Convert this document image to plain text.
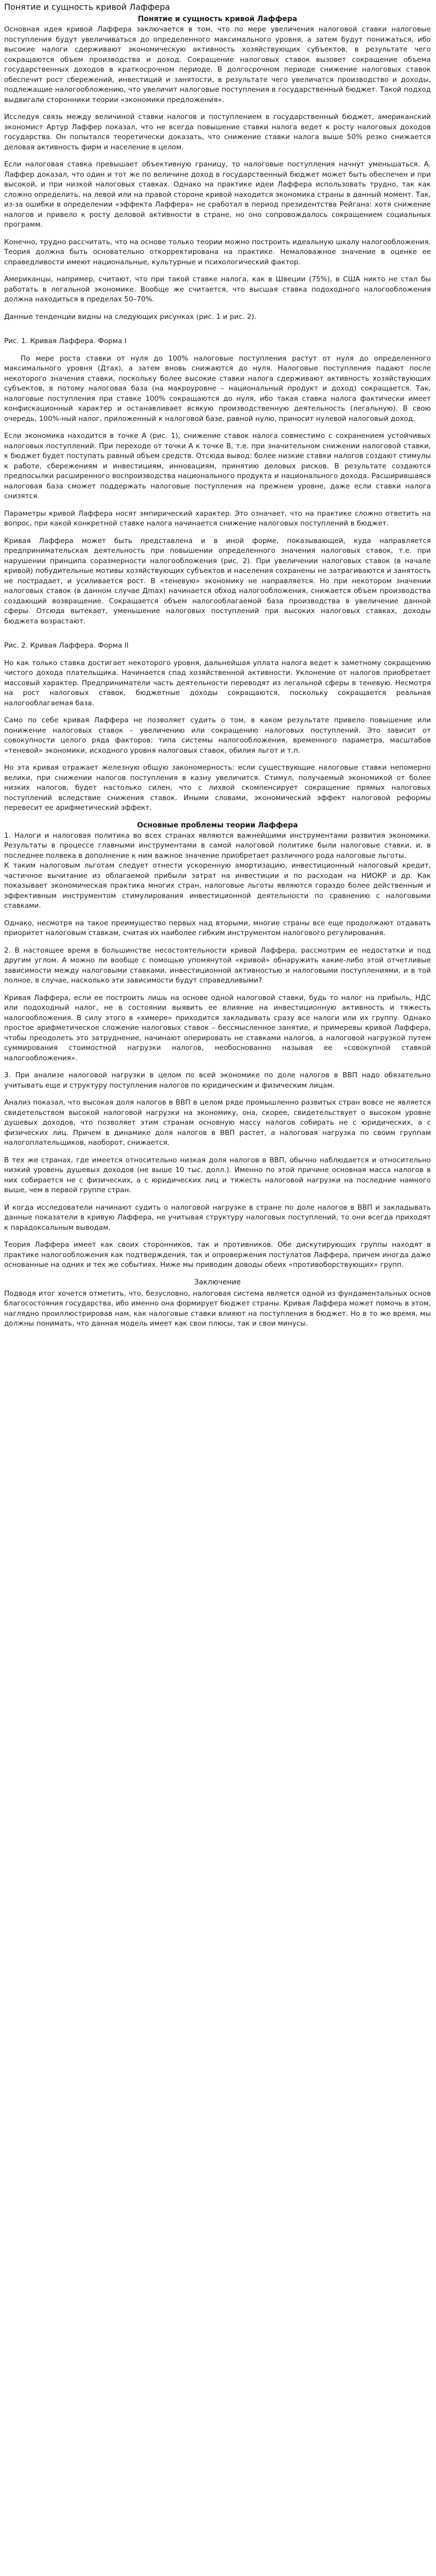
Понятие и сущность кривой Лаффера
Понятие и сущность кривой Лаффера

Основная идея кривой Лаффера заключается в том, что по мере увеличения налоговой ставки налоговые поступления будут увеличиваться до определенного максимального уровня, а затем будут понижаться, ибо высокие налоги сдерживают экономическую активность хозяйствующих субъектов, в результате чего сокращаются объем производства и доход. Сокращение налоговых ставок вызовет сокращение объема государственных доходов в краткосрочном периоде. В долгосрочном периоде снижение налоговых ставок обеспечит рост сбережений, инвестиций и занятости, в результате чего увеличатся производство и доходы, подлежащие налогообложению, что увеличит налоговые поступления в государственный бюджет. Такой подход выдвигали сторонники теории «экономики предложения».

Исследуя связь между величиной ставки налогов и поступлением в государственный бюджет, американский экономист Артур Лаффер показал, что не всегда повышение ставки налога ведет к росту налоговых доходов государства. Он попытался теоретически доказать, что снижение ставки налога выше 50% резко снижается деловая активность фирм и население в целом.

Если налоговая ставка превышает объективную границу, то налоговые поступления начнут уменьшаться. А. Лаффер доказал, что один и тот же по величине доход в государственный бюджет может быть обеспечен и при высокой, и при низкой налоговых ставках. Однако на практике идеи Лаффера использовать трудно, так как сложно определить, на левой или на правой стороне кривой находится экономика страны в данный момент. Так, из-за ошибки в определении «эффекта Лаффера» не сработал в период президентства Рейгана: хотя снижение налогов и привело к росту деловой активности в стране, но оно сопровождалось сокращением социальных программ.

Конечно, трудно рассчитать, что на основе только теории можно построить идеальную шкалу налогообложения. Теория должна быть основательно откорректирована на практике. Немаловажное значение в оценке ее справедливости имеют национальные, культурные и психологический фактор.

Американцы, например, считают, что при такой ставке налога, как в Швеции (75%), в США никто не стал бы работать в легальной экономике. Вообще же считается, что высшая ставка подоходного налогообложения должна находиться в пределах 50–70%.

Данные тенденции видны на следующих рисунках (рис. 1 и рис. 2).

Рис. 1. Кривая Лаффера. Форма I

По мере роста ставки от нуля до 100% налоговые поступления растут от нуля до определенного максимального уровня (Дтах), а затем вновь снижаются до нуля. Налоговые поступления падают после некоторого значения ставки, поскольку более высокие ставки налога сдерживают активность хозяйствующих субъектов, в потому налоговая база (на макроуровне – национальный продукт и доход) сокращается. Так, налоговые поступления при ставке 100% сокращаются до нуля, ибо такая ставка налога фактически имеет конфискационный характер и останавливает всякую производственную деятельность (легальную). В свою очередь, 100%-ный налог, приложенный к налоговой базе, равной нулю, приносит нулевой налоговый доход.

Если экономика находится в точке А (рис. 1), снижение ставок налога совместимо с сохранением устойчивых налоговых поступлений. При переходе от точки А к точке В, т.е. при значительном снижении налоговой ставки, к бюджет будет поступать равный объем средств. Отсюда вывод: более низкие ставки налогов создают стимулы к работе, сбережениям и инвестициям, инновациям, принятию деловых рисков. В результате создаются предпосылки расширенного воспроизводства национального продукта и национального дохода. Расширившаяся налоговая база сможет поддержать налоговые поступления на прежнем уровне, даже если ставки налога снизятся.

Параметры кривой Лаффера носят эмпирический характер. Это означает, что на практике сложно ответить на вопрос, при какой конкретной ставке налога начинается снижение налоговых поступлений в бюджет.

Кривая Лаффера может быть представлена и в иной форме, показывающей, куда направляется предпринимательская деятельность при повышении определенного значения налоговых ставок, т.е. при нарушении принципа соразмерности налогообложения (рис. 2). При увеличении налоговых ставок (в начале кривой) побудительные мотивы хозяйствующих субъектов и населения сохранены не затрагиваются и занятость не пострадает, и усиливается рост. В «теневую» экономику не направляется. Но при некотором значении налоговых ставок (в данном случае Дmax) начинается обход налогообложения, снижается объем производства создающий возвращение. Сокращается объем налогооблагаемой база производства в увеличение данной сферы. Отсюда вытекает, уменьшение налоговых поступлений при высоких налоговых ставках, доходы бюджета возрастают.

Рис. 2. Кривая Лаффера. Форма II

Но как только ставка достигает некоторого уровня, дальнейшая уплата налога ведет к заметному сокращению чистого дохода плательщика. Начинается спад хозяйственной активности. Уклонение от налогов приобретает массовый характер. Предприниматели часть деятельности переводят из легальной сферы в теневую. Несмотря на рост налоговых ставок, бюджетные доходы сокращаются, поскольку сокращается реальная налогооблагаемая база.

Само по себе кривая Лаффера не позволяет судить о том, в каком результате привело повышение или понижение налоговых ставок – увеличению или сокращению налоговых поступлений. Это зависит от совокупности целого ряда факторов: типа системы налогообложения, временного параметра, масштабов «теневой» экономики, исходного уровня налоговых ставок, обилия льгот и т.п.

Но эта кривая отражает железную общую закономерность: если существующие налоговые ставки непомерно велики, при снижении налогов поступления в казну увеличится. Стимул, получаемый экономикой от более низких налогов, будет настолько силен, что с лихвой скомпенсирует сокращение прямых налоговых поступлений вследствие снижения ставок. Иными словами, экономический эффект налоговой реформы перевесит ее арифметический эффект.

Основные проблемы теории Лаффера

1. Налоги и налоговая политика во всех странах являются важнейшими инструментами развития экономики. Результаты в процессе главными инструментами в самой налоговой политике были налоговые ставки, и, в последнее полвека в дополнение к ним важное значение приобретает различного рода налоговые льготы.

К таким налоговым льготам следует отнести ускоренную амортизацию, инвестиционный налоговый кредит, частичное вычитание из облагаемой прибыли затрат на инвестиции и по расходам на НИОКР и др. Как показывает экономическая практика многих стран, налоговые льготы являются гораздо более действенным и эффективным инструментом стимулирования инвестиционной деятельности по сравнению с налоговыми ставками.

Однако, несмотря на такое преимущество первых над вторыми, многие страны все еще продолжают отдавать приоритет налоговым ставкам, считая их наиболее гибким инструментом налогового регулирования.

2. В настоящее время в большинстве несостоятельности кривой Лаффера, рассмотрим ее недостатки и под другим углом. А можно ли вообще с помощью упомянутой «кривой» обнаружить какие-либо этой отчетливые зависимости между налоговыми ставками, инвестиционной активностью и налоговыми поступлениями, и в той полное, в случае, насколько эти зависимости будут справедливыми?

Кривая Лаффера, если ее построить лишь на основе одной налоговой ставки, будь то налог на прибыль, НДС или подоходный налог, не в состоянии выявить ее влияние на инвестиционную активность и тяжесть налогообложения. В силу этого в «химере» приходится закладывать сразу все налоги или их группу. Однако простое арифметическое сложение налоговых ставок – бессмысленное занятие, и примеревы кривой Лаффера, чтобы преодолеть это затруднение, начинают оперировать не ставками налогов, а налоговой нагрузкой путем суммирования стоимостной нагрузки налогов, необоснованно называя ее «совокупной ставкой налогообложения».

3. При анализе налоговой нагрузки в целом по всей экономике по доле налогов в ВВП надо обязательно учитывать еще и структуру поступления налогов по юридическим и физическим лицам.

Анализ показал, что высокая доля налогов в ВВП в целом ряде промышленно развитых стран вовсе не является свидетельством высокой налоговой нагрузки на экономику, она, скорее, свидетельствует о высоком уровне душевых доходов, что позволяет этим странам основную массу налогов собирать не с юридических, а с физических лиц. Причем в динамике доля налогов в ВВП растет, а налоговая нагрузка по своим группам налогоплательщиков, наоборот, снижается.

В тех же странах, где имеется относительно низкая доля налогов в ВВП, обычно наблюдается и относительно низкий уровень душевых доходов (не выше 10 тыс. долл.). Именно по этой причине основная масса налогов в них собирается не с физических, а с юридических лиц и тяжесть налоговой нагрузки на последние намного выше, чем в первой группе стран.

И когда исследователи начинают судить о налоговой нагрузке в стране по доле налогов в ВВП и закладывать данные показатели в кривую Лаффера, не учитывая структуру налоговых поступлений, то они всегда приходят к парадоксальным выводам.

Теория Лаффера имеет как своих сторонников, так и противников. Обе дискутирующих группы находят в практике налогообложения как подтверждения, так и опровержения постулатов Лаффера, причем иногда даже основанные на одних и тех же событиях. Ниже мы приводим доводы обеих «противоборствующих» групп.

Заключение

Подводя итог хочется отметить, что, безусловно, налоговая система является одной из фундаментальных основ благосостояния государства, ибо именно она формирует бюджет страны. Кривая Лаффера может помочь в этом, наглядно проиллюстрировав нам, как налоговые ставки влияют на поступления в бюджет. Но в то же время, мы должны понимать, что данная модель имеет как свои плюсы, так и свои минусы.
